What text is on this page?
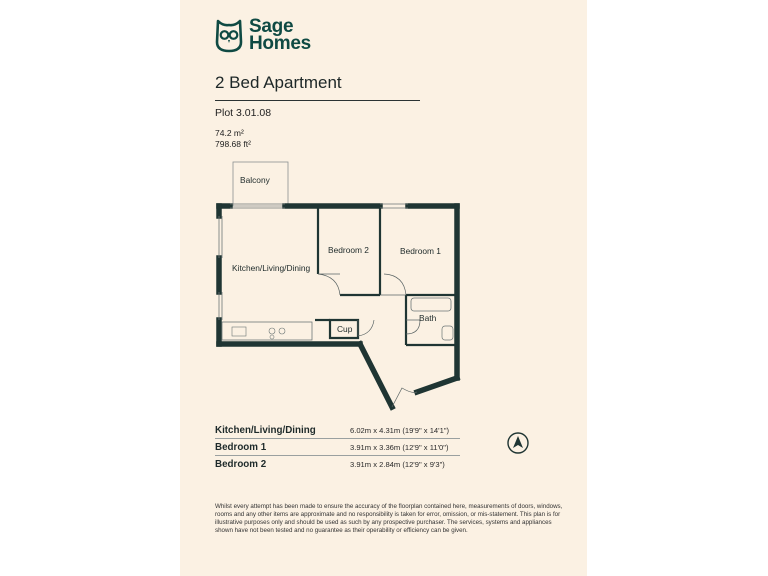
Sage
Homes
2 Bed Apartment
Plot 3.01.08
74.2 m²
798.68 ft²
Balcony
Kitchen/Living/Dining
Bedroom 2	Bedroom 1
Bath
Cup
Kitchen/Living/Dining	6.02m x 4.31m (19'9" x 14'1")
Bedroom 1	3.91m x 3.36m (12'9" x 11'0")
Bedroom 2	3.91m x 2.84m (12'9" x 9'3")
Whilst every attempt has been made to ensure the accuracy of the floorplan contained here, measurements of doors, windows, rooms and any other items are approximate and no responsibility is taken for error, omission, or mis-statement. This plan is for illustrative purposes only and should be used as such by any prospective purchaser. The services, systems and appliances shown have not been tested and no guarantee as their operability or efficiency can be given.
